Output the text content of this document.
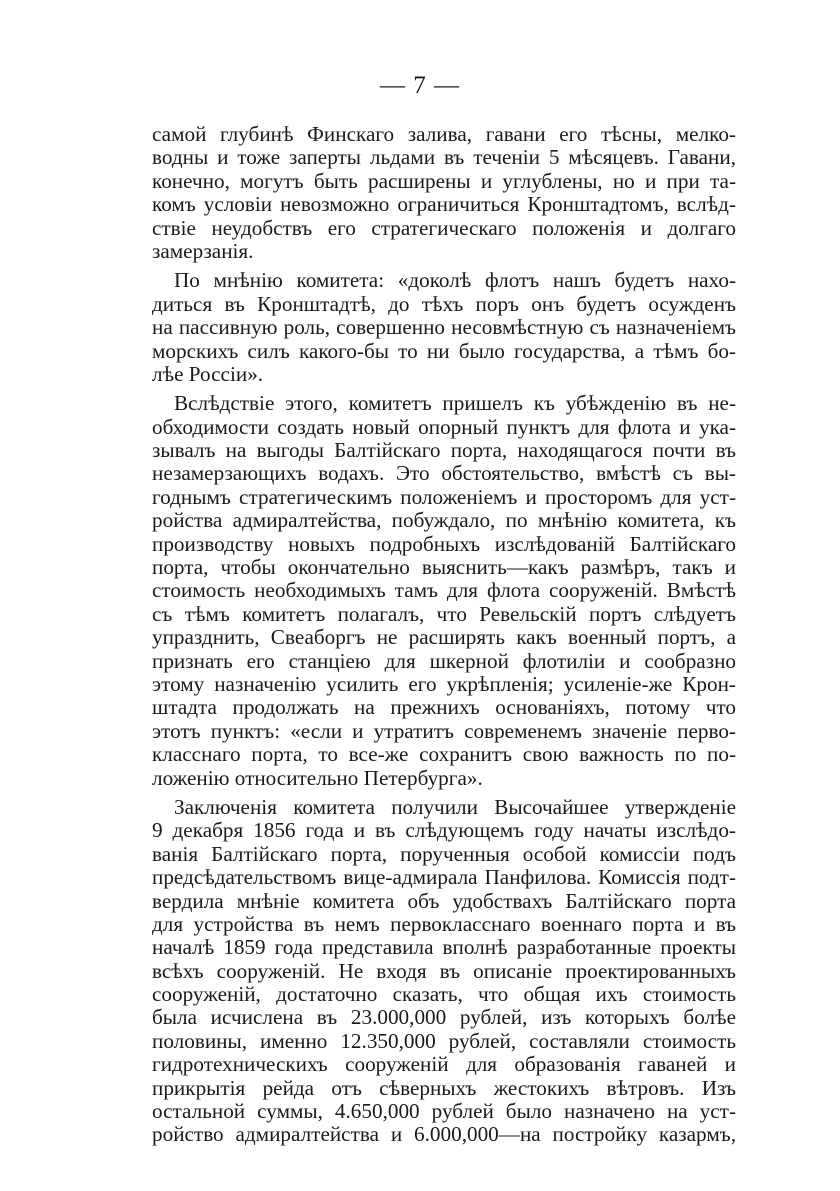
— 7 —
самой глубинѣ Финскаго залива, гавани его тѣсны, мелко-
водны и тоже заперты льдами въ теченіи 5 мѣсяцевъ. Гавани,
конечно, могутъ быть расширены и углублены, но и при та-
комъ условіи невозможно ограничиться Кронштадтомъ, вслѣд-
ствіе неудобствъ его стратегическаго положенія и долгаго
замерзанія.
По мнѣнію комитета: «доколѣ флотъ нашъ будетъ нахо-
диться въ Кронштадтѣ, до тѣхъ поръ онъ будетъ осужденъ
на пассивную роль, совершенно несовмѣстную съ назначеніемъ
морскихъ силъ какого-бы то ни было государства, а тѣмъ бо-
лѣе Россіи».
Вслѣдствіе этого, комитетъ пришелъ къ убѣжденію въ не-
обходимости создать новый опорный пунктъ для флота и ука-
зывалъ на выгоды Балтійскаго порта, находящагося почти въ
незамерзающихъ водахъ. Это обстоятельство, вмѣстѣ съ вы-
годнымъ стратегическимъ положеніемъ и просторомъ для уст-
ройства адмиралтейства, побуждало, по мнѣнію комитета, къ
производству новыхъ подробныхъ изслѣдованій Балтійскаго
порта, чтобы окончательно выяснить—какъ размѣръ, такъ и
стоимость необходимыхъ тамъ для флота сооруженій. Вмѣстѣ
съ тѣмъ комитетъ полагалъ, что Ревельскій портъ слѣдуетъ
упразднить, Свеаборгъ не расширять какъ военный портъ, а
признать его станціею для шкерной флотиліи и сообразно
этому назначенію усилить его укрѣпленія; усиленіе-же Крон-
штадта продолжать на прежнихъ основаніяхъ, потому что
этотъ пунктъ: «если и утратитъ современемъ значеніе перво-
класснаго порта, то все-же сохранитъ свою важность по по-
ложенію относительно Петербурга».
Заключенія комитета получили Высочайшее утвержденіе
9 декабря 1856 года и въ слѣдующемъ году начаты изслѣдо-
ванія Балтійскаго порта, порученныя особой комиссіи подъ
предсѣдательствомъ вице-адмирала Панфилова. Комиссія подт-
вердила мнѣніе комитета объ удобствахъ Балтійскаго порта
для устройства въ немъ первокласснаго военнаго порта и въ
началѣ 1859 года представила вполнѣ разработанные проекты
всѣхъ сооруженій. Не входя въ описаніе проектированныхъ
сооруженій, достаточно сказать, что общая ихъ стоимость
была исчислена въ 23.000,000 рублей, изъ которыхъ болѣе
половины, именно 12.350,000 рублей, составляли стоимость
гидротехническихъ сооруженій для образованія гаваней и
прикрытія рейда отъ сѣверныхъ жестокихъ вѣтровъ. Изъ
остальной суммы, 4.650,000 рублей было назначено на уст-
ройство адмиралтейства и 6.000,000—на постройку казармъ,
